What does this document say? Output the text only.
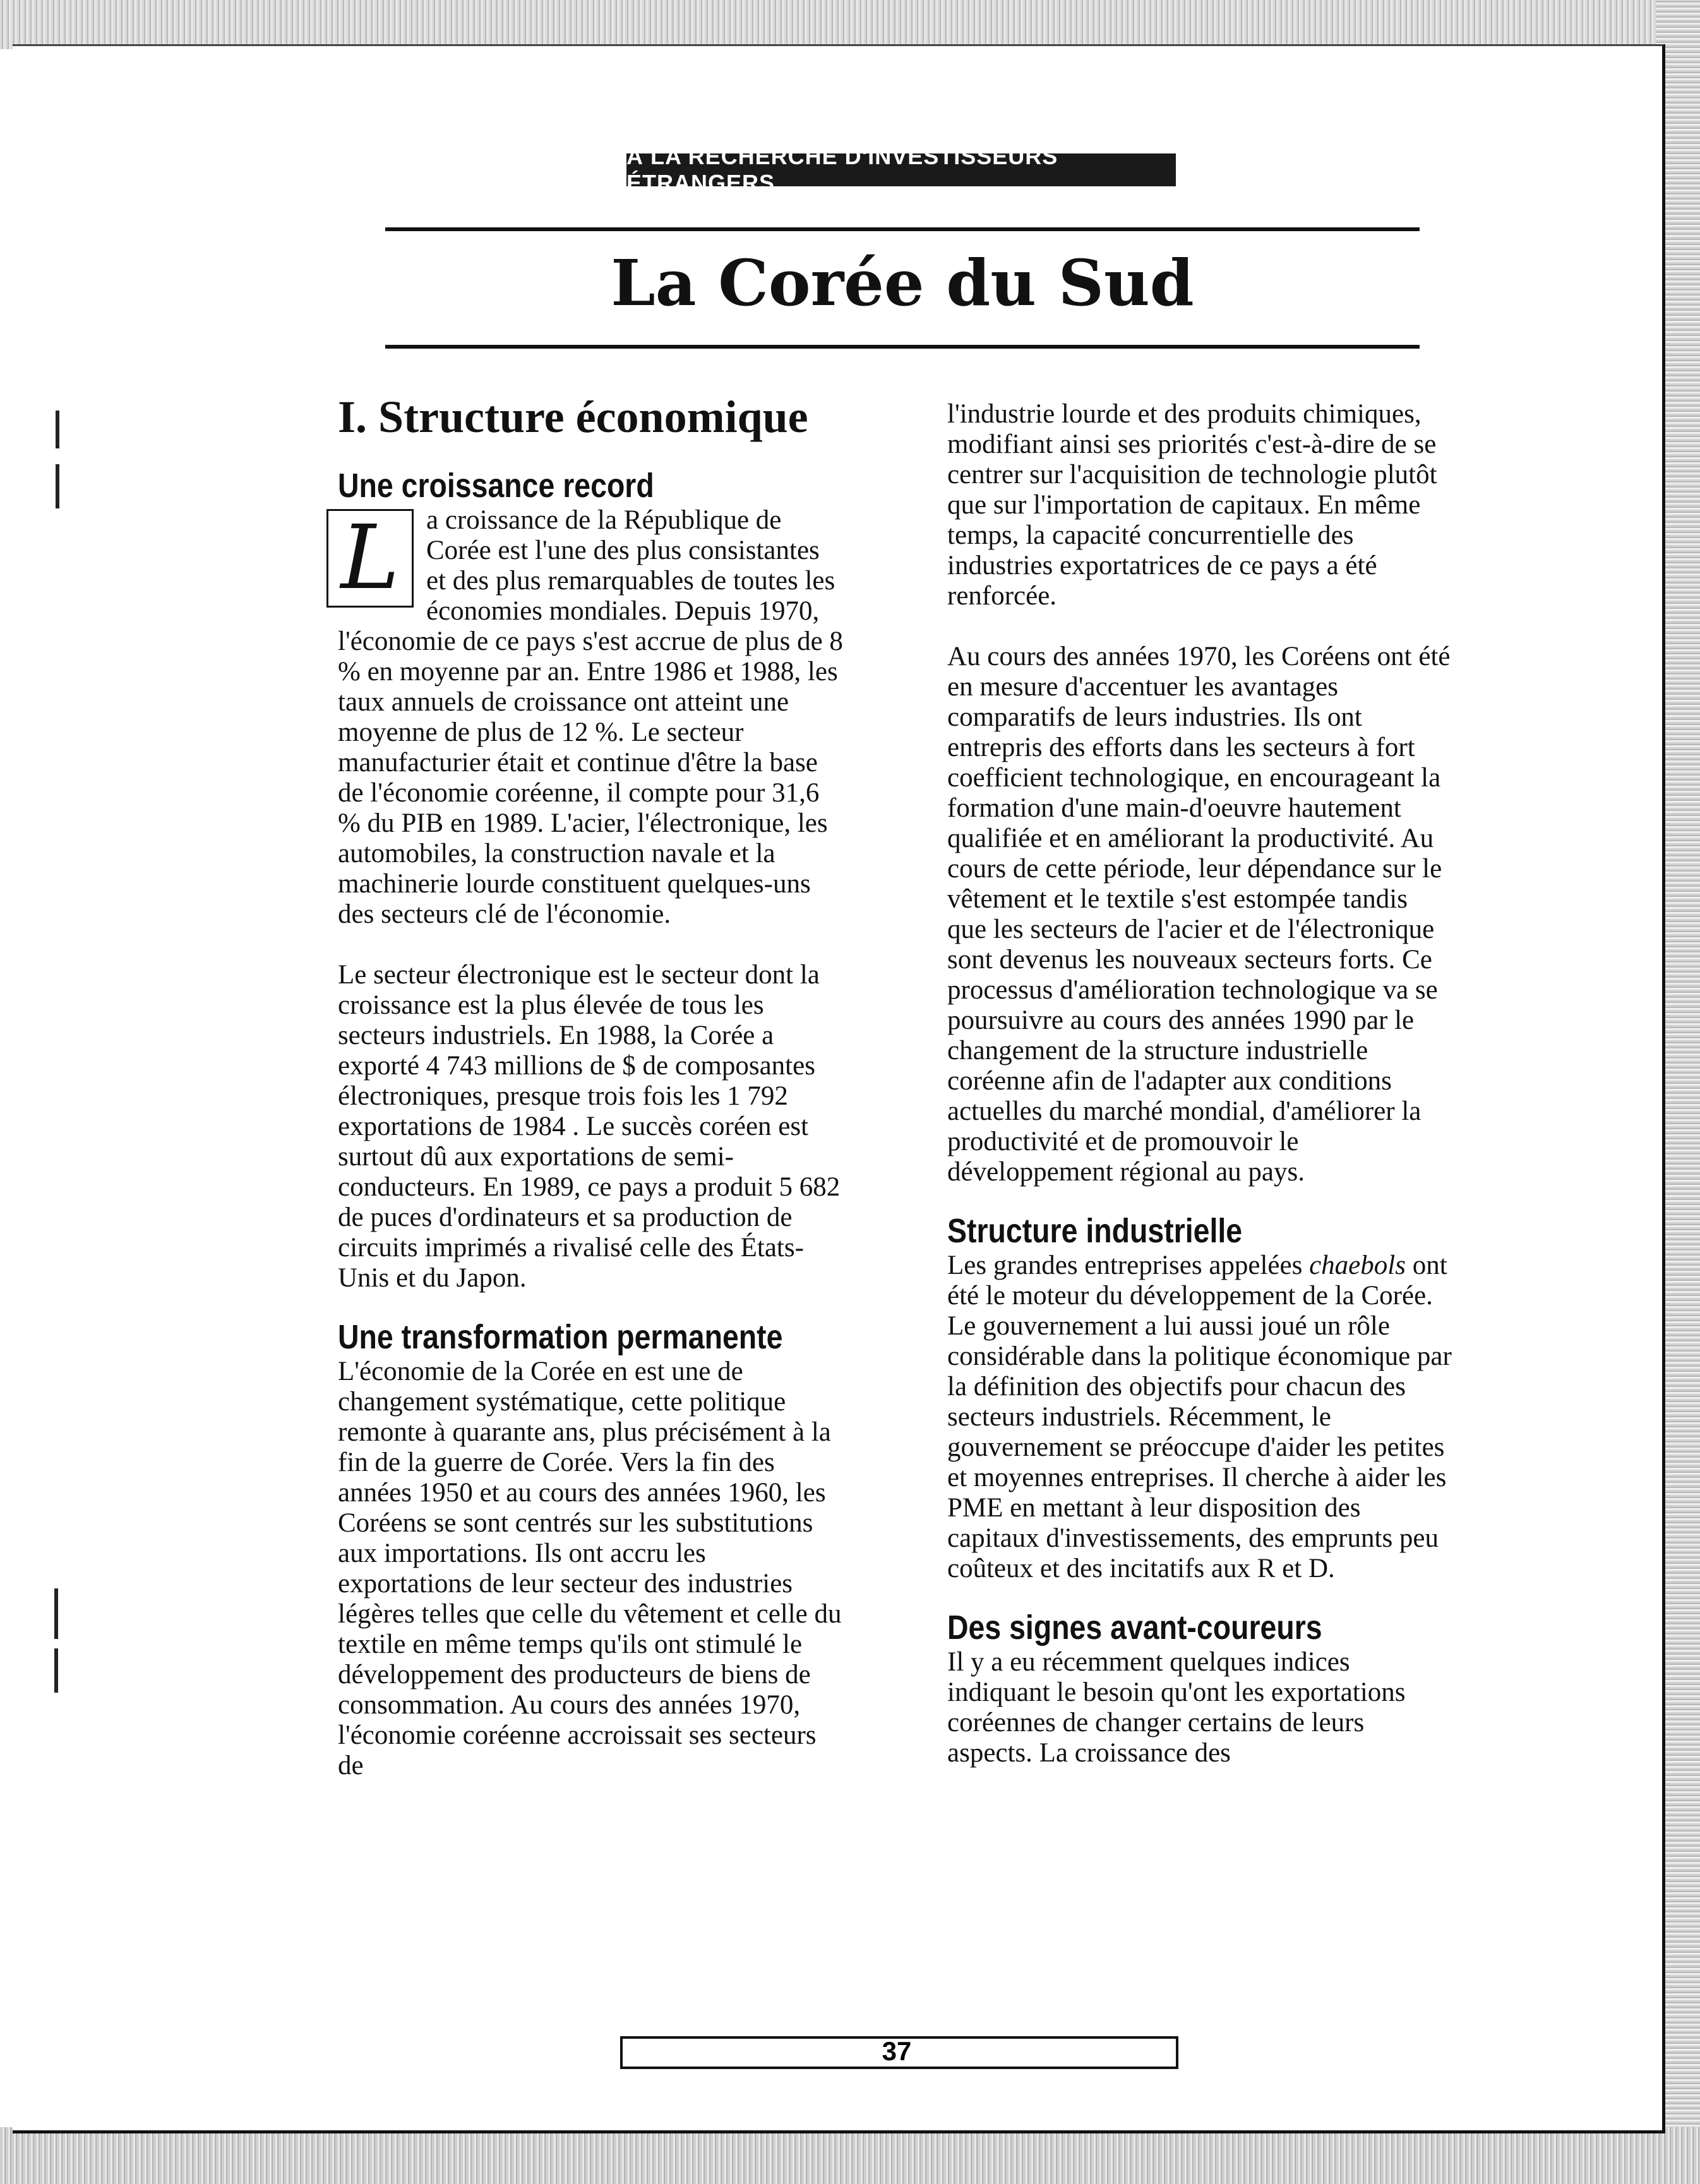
À LA RECHERCHE D'INVESTISSEURS ÉTRANGERS
La Corée du Sud
I. Structure économique
Une croissance record
L a croissance de la République de Corée est l'une des plus consistantes et des plus remarquables de toutes les économies mondiales. Depuis 1970, l'économie de ce pays s'est accrue de plus de 8 % en moyenne par an. Entre 1986 et 1988, les taux annuels de croissance ont atteint une moyenne de plus de 12 %. Le secteur manufacturier était et continue d'être la base de l'économie coréenne, il compte pour 31,6 % du PIB en 1989. L'acier, l'électronique, les automobiles, la construction navale et la machinerie lourde constituent quelques-uns des secteurs clé de l'économie.

Le secteur électronique est le secteur dont la croissance est la plus élevée de tous les secteurs industriels. En 1988, la Corée a exporté 4 743 millions de $ de composantes électroniques, presque trois fois les 1 792 exportations de 1984 . Le succès coréen est surtout dû aux exportations de semi-conducteurs. En 1989, ce pays a produit 5 682 de puces d'ordinateurs et sa production de circuits imprimés a rivalisé celle des États-Unis et du Japon.

Une transformation permanente

L'économie de la Corée en est une de changement systématique, cette politique remonte à quarante ans, plus précisément à la fin de la guerre de Corée. Vers la fin des années 1950 et au cours des années 1960, les Coréens se sont centrés sur les substitutions aux importations. Ils ont accru les exportations de leur secteur des industries légères telles que celle du vêtement et celle du textile en même temps qu'ils ont stimulé le développement des producteurs de biens de consommation. Au cours des années 1970, l'économie coréenne accroissait ses secteurs de

l'industrie lourde et des produits chimiques, modifiant ainsi ses priorités c'est-à-dire de se centrer sur l'acquisition de technologie plutôt que sur l'importation de capitaux. En même temps, la capacité concurrentielle des industries exportatrices de ce pays a été renforcée.

Au cours des années 1970, les Coréens ont été en mesure d'accentuer les avantages comparatifs de leurs industries. Ils ont entrepris des efforts dans les secteurs à fort coefficient technologique, en encourageant la formation d'une main-d'oeuvre hautement qualifiée et en améliorant la productivité. Au cours de cette période, leur dépendance sur le vêtement et le textile s'est estompée tandis que les secteurs de l'acier et de l'électronique sont devenus les nouveaux secteurs forts. Ce processus d'amélioration technologique va se poursuivre au cours des années 1990 par le changement de la structure industrielle coréenne afin de l'adapter aux conditions actuelles du marché mondial, d'améliorer la productivité et de promouvoir le développement régional au pays.

Structure industrielle

Les grandes entreprises appelées chaebols ont été le moteur du développement de la Corée. Le gouvernement a lui aussi joué un rôle considérable dans la politique économique par la définition des objectifs pour chacun des secteurs industriels. Récemment, le gouvernement se préoccupe d'aider les petites et moyennes entreprises. Il cherche à aider les PME en mettant à leur disposition des capitaux d'investissements, des emprunts peu coûteux et des incitatifs aux R et D.

Des signes avant-coureurs

Il y a eu récemment quelques indices indiquant le besoin qu'ont les exportations coréennes de changer certains de leurs aspects. La croissance des

37
